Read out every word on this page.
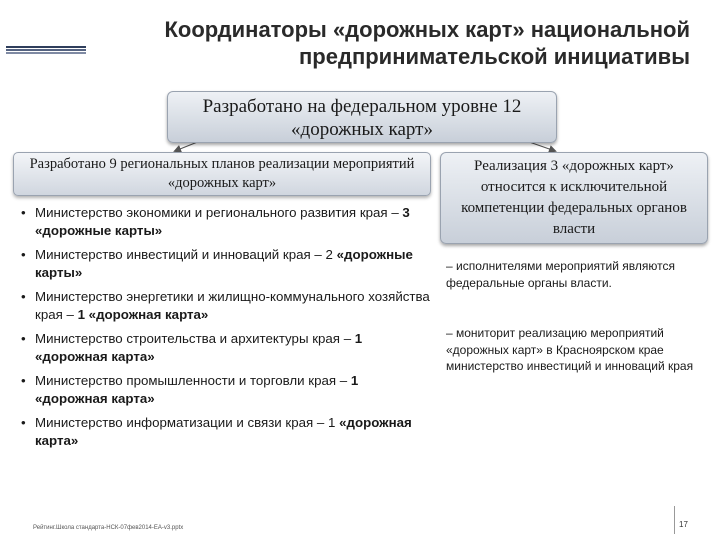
Координаторы «дорожных карт» национальной предпринимательской инициативы
Разработано на федеральном уровне 12 «дорожных карт»
Разработано 9 региональных планов реализации мероприятий «дорожных карт»
• Министерство экономики и регионального развития края – 3 «дорожные карты»
• Министерство инвестиций и инноваций края – 2 «дорожные карты»
• Министерство энергетики и жилищно-коммунального хозяйства края – 1 «дорожная карта»
• Министерство строительства и архитектуры края – 1 «дорожная карта»
• Министерство промышленности и торговли края – 1 «дорожная карта»
• Министерство информатизации и связи края – 1 «дорожная карта»
Реализация 3 «дорожных карт» относится к исключительной компетенции федеральных органов власти
– исполнителями мероприятий являются федеральные органы власти.
– мониторит реализацию мероприятий «дорожных карт» в Красноярском крае министерство инвестиций и инноваций края
Рейтинг.Школа стандарта-НСК-07фев2014-ЕА-v3.pptx	17
